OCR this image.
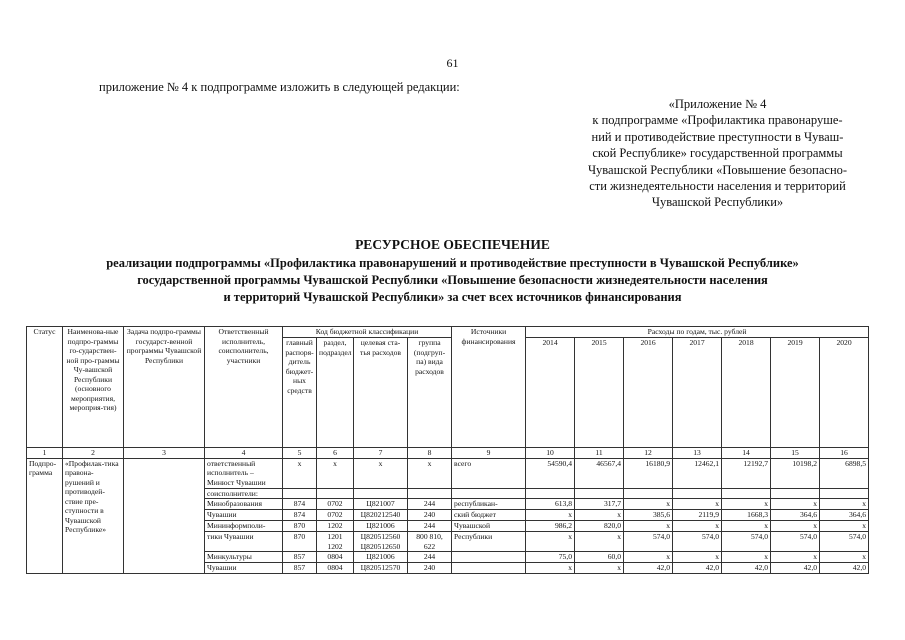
61
приложение № 4 к подпрограмме изложить в следующей редакции:
«Приложение № 4
к подпрограмме «Профилактика правонаруше-
ний и противодействие преступности в Чуваш-
ской Республике» государственной программы
Чувашской Республики «Повышение безопасно-
сти жизнедеятельности населения и территорий
Чувашской Республики»
РЕСУРСНОЕ ОБЕСПЕЧЕНИЕ
реализации подпрограммы «Профилактика правонарушений и противодействие преступности в Чувашской Республике»
государственной программы Чувашской Республики «Повышение безопасности жизнедеятельности населения
и территорий Чувашской Республики» за счет всех источников финансирования
Статус	Наименова-ные подпро-граммы го-сударствен-ной про-граммы Чу-вашской Республики (основного мероприятия, мероприя-тия)	Задача подпро-граммы государст-венной программы Чувашской Республики	Ответственный исполнитель, соисполнитель, участники	Код бюджетной классификации				Источники финансирования	Расходы по годам, тыс. рублей						
				главный распоря-дитель бюджет-ных средств	раздел, подраздел	целевая ста-тья расходов	группа (подгруп-па) вида расходов		2014	2015	2016	2017	2018	2019	2020
1	2	3	4	5	6	7	8	9	10	11	12	13	14	15	16
Подпро-грамма	«Профилак-тика правона-рушений и противодей-ствие пре-ступности в Чувашской Республике»		ответственный исполнитель – Минюст Чувашии	x	x	x	x	всего	54590,4	46567,4	16180,9	12462,1	12192,7	10198,2	6898,5
			соисполнители:												
			Минобразования	874	0702	Ц821007	244	республикан-	613,8	317,7	x	x	x	x	x
			Чувашии	874	0702	Ц820212540	240	ский бюджет	x	x	385,6	2119,9	1668,3	364,6	364,6
			Мининформполи-	870	1202	Ц821006	244	Чувашской	986,2	820,0	x	x	x	x	x
			тики Чувашии	870	1201 1202	Ц820512560 Ц820512650	800 810, 622	Республики	x	x	574,0	574,0	574,0	574,0	574,0
			Минкультуры	857	0804	Ц821006	244		75,0	60,0	x	x	x	x	x
			Чувашии	857	0804	Ц820512570	240		x	x	42,0	42,0	42,0	42,0	42,0
